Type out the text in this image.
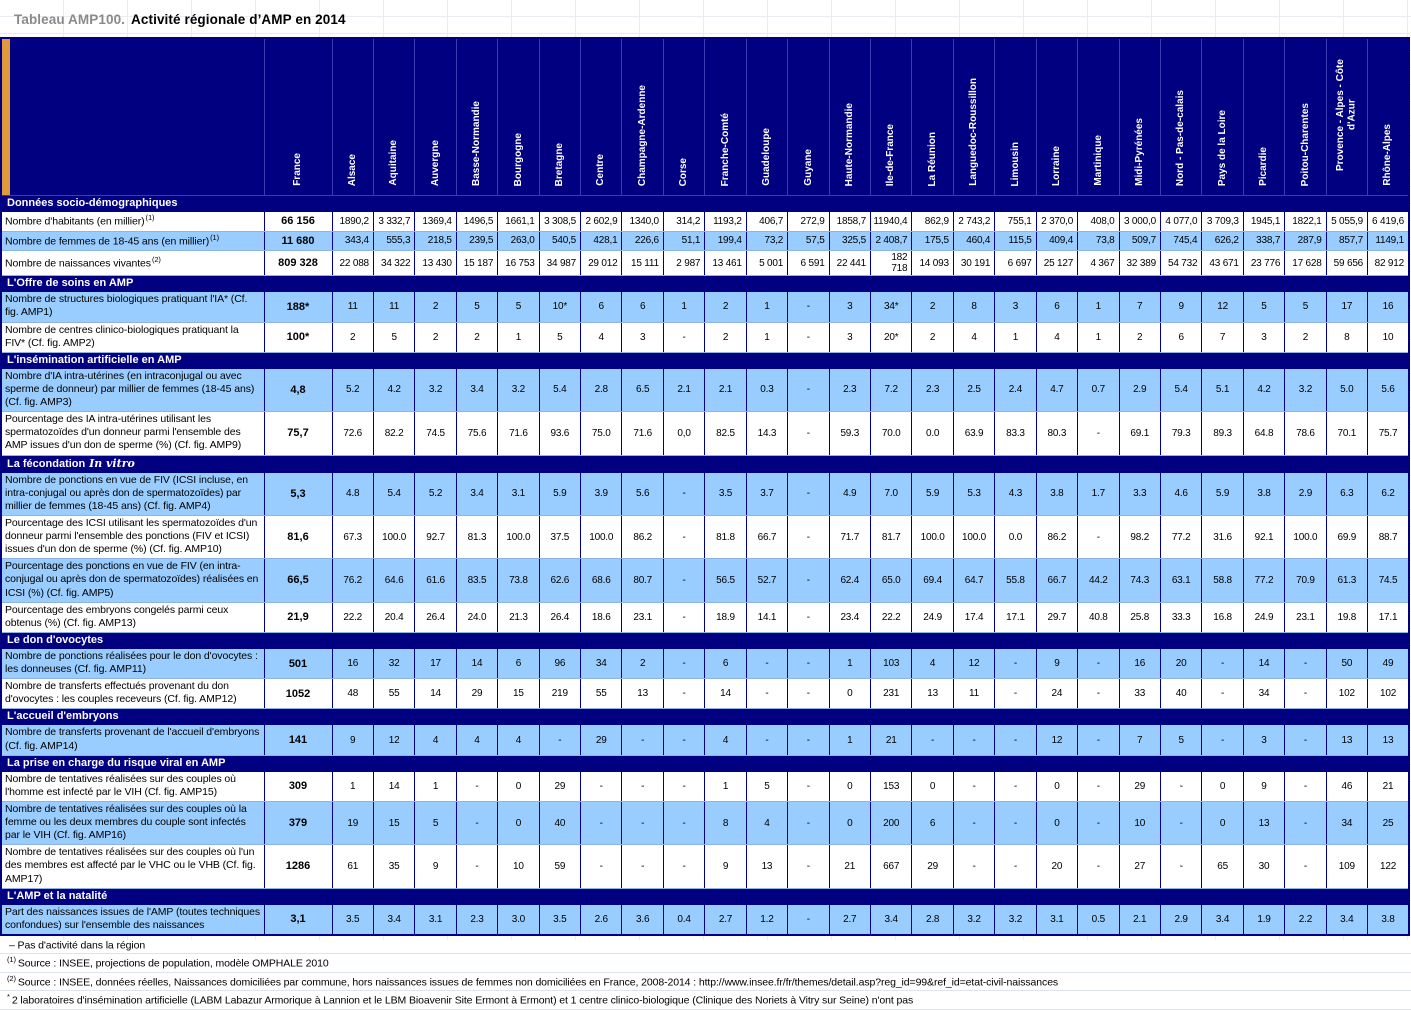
Tableau AMP100. Activité régionale d’AMP en 2014
	France	Alsace	Aquitaine	Auvergne	Basse-Normandie	Bourgogne	Bretagne	Centre	Champagne-Ardenne	Corse	Franche-Comté	Guadeloupe	Guyane	Haute-Normandie	Ile-de-France	La Réunion	Languedoc-Roussillon	Limousin	Lorraine	Martinique	Midi-Pyrénées	Nord - Pas-de-calais	Pays de la Loire	Picardie	Poitou-Charentes	Provence - Alpes - Côte d'Azur	Rhône-Alpes
Données socio-démographiques																											
Nombre d'habitants (en millier)$^{(1)}$	66 156	1890,2	3 332,7	1369,4	1496,5	1661,1	3 308,5	2 602,9	1340,0	314,2	1193,2	406,7	272,9	1858,7	11940,4	862,9	2 743,2	755,1	2 370,0	408,0	3 000,0	4 077,0	3 709,3	1945,1	1822,1	5 055,9	6 419,6
Nombre de femmes de 18-45 ans (en millier)$^{(1)}$	11 680	343,4	555,3	218,5	239,5	263,0	540,5	428,1	226,6	51,1	199,4	73,2	57,5	325,5	2 408,7	175,5	460,4	115,5	409,4	73,8	509,7	745,4	626,2	338,7	287,9	857,7	1149,1
Nombre de naissances vivantes$^{(2)}$	809 328	22 088	34 322	13 430	15 187	16 753	34 987	29 012	15 111	2 987	13 461	5 001	6 591	22 441	182 718	14 093	30 191	6 697	25 127	4 367	32 389	54 732	43 671	23 776	17 628	59 656	82 912
L'Offre de soins en AMP																											
Nombre de structures biologiques pratiquant l'IA* (Cf. fig. AMP1)	188*	11	11	2	5	5	10*	6	6	1	2	1	-	3	34*	2	8	3	6	1	7	9	12	5	5	17	16
Nombre de centres clinico-biologiques pratiquant la FIV* (Cf. fig. AMP2)	100*	2	5	2	2	1	5	4	3	-	2	1	-	3	20*	2	4	1	4	1	2	6	7	3	2	8	10
L'insémination artificielle en AMP																											
Nombre d'IA intra-utérines (en intraconjugal ou avec sperme de donneur) par millier de femmes (18-45 ans) (Cf. fig. AMP3)	4,8	5.2	4.2	3.2	3.4	3.2	5.4	2.8	6.5	2.1	2.1	0.3	-	2.3	7.2	2.3	2.5	2.4	4.7	0.7	2.9	5.4	5.1	4.2	3.2	5.0	5.6
Pourcentage des IA intra-utérines utilisant les spermatozoïdes d'un donneur parmi l'ensemble des AMP issues d'un don de sperme (%) (Cf. fig. AMP9)	75,7	72.6	82.2	74.5	75.6	71.6	93.6	75.0	71.6	0,0	82.5	14.3	-	59.3	70.0	0.0	63.9	83.3	80.3	-	69.1	79.3	89.3	64.8	78.6	70.1	75.7
La fécondation In vitro																											
Nombre de ponctions en vue de FIV (ICSI incluse, en intra-conjugal ou après don de spermatozoïdes) par millier de femmes (18-45 ans) (Cf. fig. AMP4)	5,3	4.8	5.4	5.2	3.4	3.1	5.9	3.9	5.6	-	3.5	3.7	-	4.9	7.0	5.9	5.3	4.3	3.8	1.7	3.3	4.6	5.9	3.8	2.9	6.3	6.2
Pourcentage des ICSI utilisant les spermatozoïdes d'un donneur parmi l'ensemble des ponctions (FIV et ICSI) issues d'un don de sperme (%) (Cf. fig. AMP10)	81,6	67.3	100.0	92.7	81.3	100.0	37.5	100.0	86.2	-	81.8	66.7	-	71.7	81.7	100.0	100.0	0.0	86.2	-	98.2	77.2	31.6	92.1	100.0	69.9	88.7
Pourcentage des ponctions en vue de FIV (en intra-conjugal ou après don de spermatozoïdes) réalisées en ICSI (%) (Cf. fig. AMP5)	66,5	76.2	64.6	61.6	83.5	73.8	62.6	68.6	80.7	-	56.5	52.7	-	62.4	65.0	69.4	64.7	55.8	66.7	44.2	74.3	63.1	58.8	77.2	70.9	61.3	74.5
Pourcentage des embryons congelés parmi ceux obtenus (%) (Cf. fig. AMP13)	21,9	22.2	20.4	26.4	24.0	21.3	26.4	18.6	23.1	-	18.9	14.1	-	23.4	22.2	24.9	17.4	17.1	29.7	40.8	25.8	33.3	16.8	24.9	23.1	19.8	17.1
Le don d'ovocytes																											
Nombre de ponctions réalisées pour le don d'ovocytes : les donneuses (Cf. fig. AMP11)	501	16	32	17	14	6	96	34	2	-	6	-	-	1	103	4	12	-	9	-	16	20	-	14	-	50	49
Nombre de transferts effectués provenant du don d'ovocytes : les couples receveurs (Cf. fig. AMP12)	1052	48	55	14	29	15	219	55	13	-	14	-	-	0	231	13	11	-	24	-	33	40	-	34	-	102	102
L'accueil d'embryons																											
Nombre de transferts provenant de l'accueil d'embryons (Cf. fig. AMP14)	141	9	12	4	4	4	-	29	-	-	4	-	-	1	21	-	-	-	12	-	7	5	-	3	-	13	13
La prise en charge du risque viral en AMP																											
Nombre de tentatives réalisées sur des couples où l'homme est infecté par le VIH (Cf. fig. AMP15)	309	1	14	1	-	0	29	-	-	-	1	5	-	0	153	0	-	-	0	-	29	-	0	9	-	46	21
Nombre de tentatives réalisées sur des couples où la femme ou les deux membres du couple sont infectés par le VIH (Cf. fig. AMP16)	379	19	15	5	-	0	40	-	-	-	8	4	-	0	200	6	-	-	0	-	10	-	0	13	-	34	25
Nombre de tentatives réalisées sur des couples où l'un des membres est affecté par le VHC ou le VHB (Cf. fig. AMP17)	1286	61	35	9	-	10	59	-	-	-	9	13	-	21	667	29	-	-	20	-	27	-	65	30	-	109	122
L'AMP et la natalité																											
Part des naissances issues de l'AMP (toutes techniques confondues) sur l'ensemble des naissances	3,1	3.5	3.4	3.1	2.3	3.0	3.5	2.6	3.6	0.4	2.7	1.2	-	2.7	3.4	2.8	3.2	3.2	3.1	0.5	2.1	2.9	3.4	1.9	2.2	3.4	3.8
– Pas d'activité dans la région
$^{(1)}$ Source : INSEE, projections de population, modèle OMPHALE 2010
$^{(2)}$ Source : INSEE, données réelles, Naissances domiciliées par commune, hors naissances issues de femmes non domiciliées en France, 2008-2014 : http://www.insee.fr/fr/themes/detail.asp?reg_id=99&ref_id=etat-civil-naissances
* 2 laboratoires d'insémination artificielle (LABM Labazur Armorique à Lannion et le LBM Bioavenir Site Ermont à Ermont) et 1 centre clinico-biologique (Clinique des Noriets à Vitry sur Seine) n'ont pas
